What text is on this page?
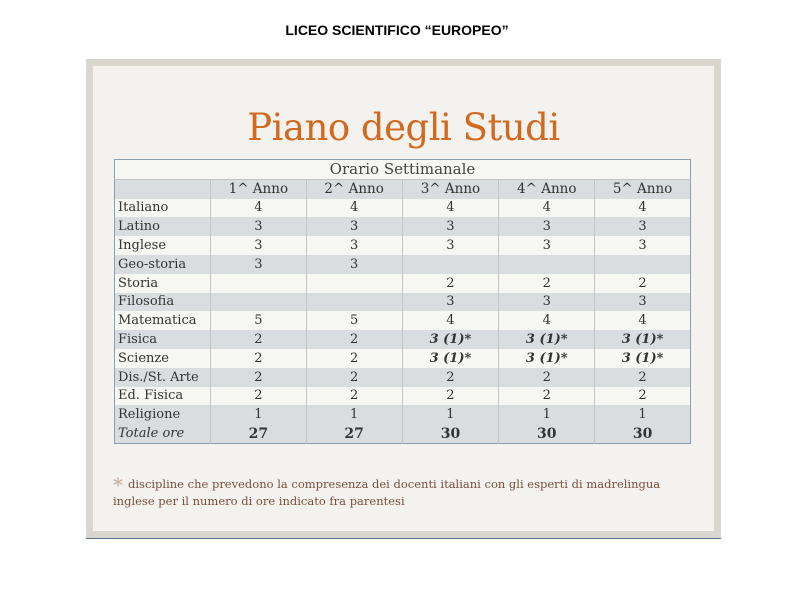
LICEO SCIENTIFICO “EUROPEO”
Piano degli Studi
Orario Settimanale					
	1^ Anno	2^ Anno	3^ Anno	4^ Anno	5^ Anno
Italiano	4	4	4	4	4
Latino	3	3	3	3	3
Inglese	3	3	3	3	3
Geo-storia	3	3			
Storia			2	2	2
Filosofia			3	3	3
Matematica	5	5	4	4	4
Fisica	2	2	3 (1)*	3 (1)*	3 (1)*
Scienze	2	2	3 (1)*	3 (1)*	3 (1)*
Dis./St. Arte	2	2	2	2	2
Ed. Fisica	2	2	2	2	2
Religione	1	1	1	1	1
Totale ore	27	27	30	30	30
* discipline che prevedono la compresenza dei docenti italiani con gli esperti di madrelingua inglese per il numero di ore indicato fra parentesi
